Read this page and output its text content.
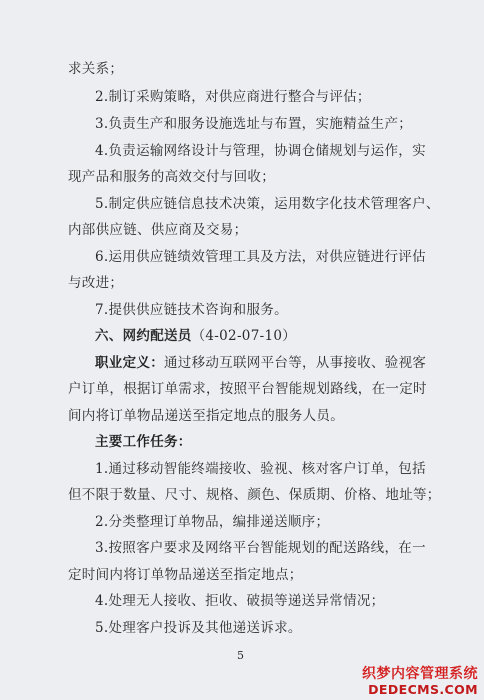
求关系；
2.制订采购策略，对供应商进行整合与评估；
3.负责生产和服务设施选址与布置，实施精益生产；
4.负责运输网络设计与管理，协调仓储规划与运作，实
现产品和服务的高效交付与回收；
5.制定供应链信息技术决策，运用数字化技术管理客户、
内部供应链、供应商及交易；
6.运用供应链绩效管理工具及方法，对供应链进行评估
与改进；
7.提供供应链技术咨询和服务。
六、网约配送员（4-02-07-10）
职业定义：通过移动互联网平台等，从事接收、验视客
户订单，根据订单需求，按照平台智能规划路线，在一定时
间内将订单物品递送至指定地点的服务人员。
主要工作任务：
1.通过移动智能终端接收、验视、核对客户订单，包括
但不限于数量、尺寸、规格、颜色、保质期、价格、地址等；
2.分类整理订单物品，编排递送顺序；
3.按照客户要求及网络平台智能规划的配送路线，在一
定时间内将订单物品递送至指定地点；
4.处理无人接收、拒收、破损等递送异常情况；
5.处理客户投诉及其他递送诉求。
5
织梦内容管理系统
DEDECMS.COM
